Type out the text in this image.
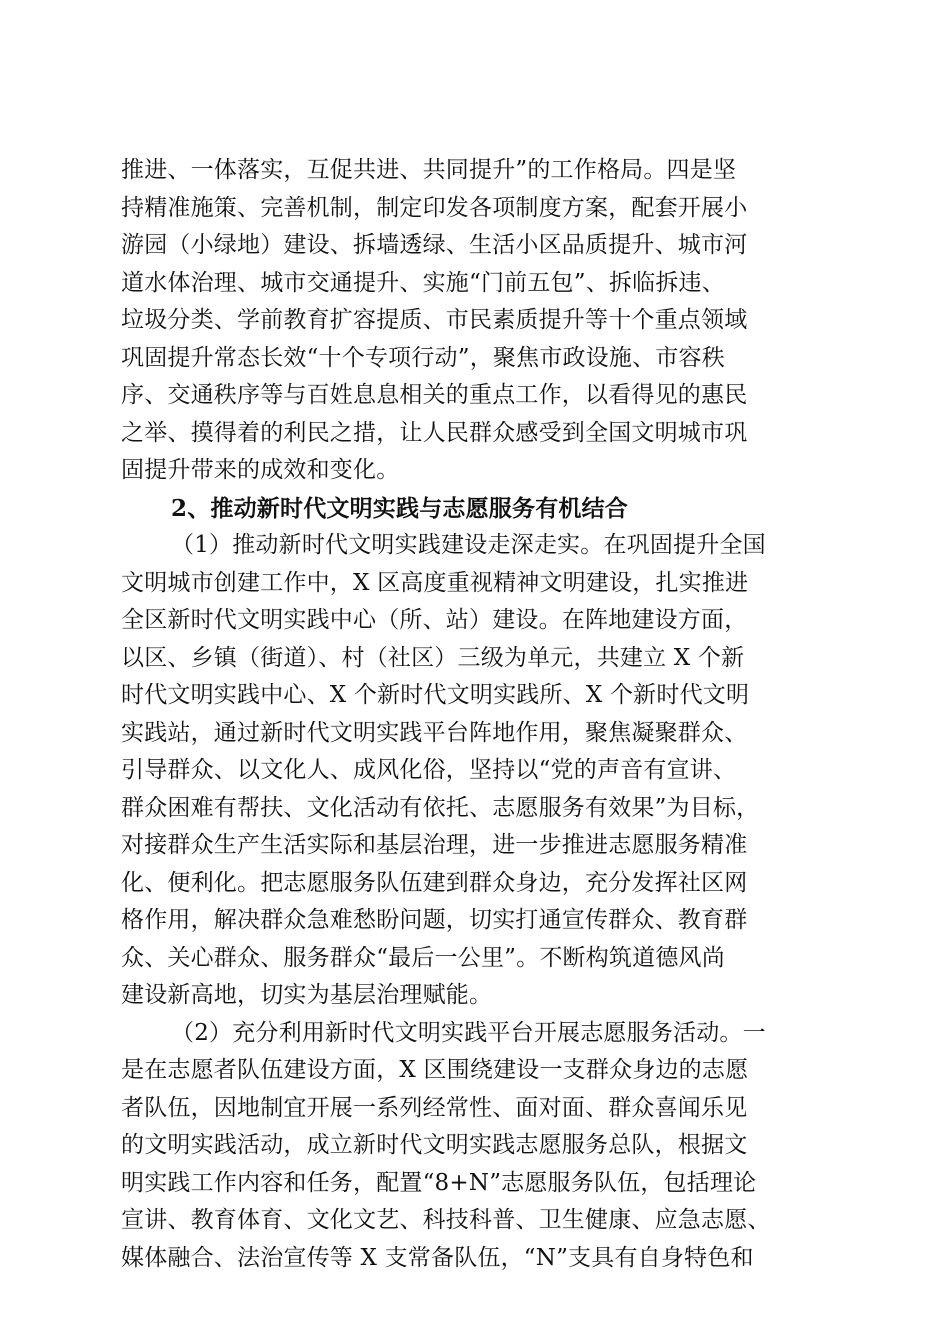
推进、一体落实，互促共进、共同提升”的工作格局。四是坚
持精准施策、完善机制，制定印发各项制度方案，配套开展小
游园（小绿地）建设、拆墙透绿、生活小区品质提升、城市河
道水体治理、城市交通提升、实施“门前五包”、拆临拆违、
垃圾分类、学前教育扩容提质、市民素质提升等十个重点领域
巩固提升常态长效“十个专项行动”，聚焦市政设施、市容秩
序、交通秩序等与百姓息息相关的重点工作，以看得见的惠民
之举、摸得着的利民之措，让人民群众感受到全国文明城市巩
固提升带来的成效和变化。
2、推动新时代文明实践与志愿服务有机结合
（1）推动新时代文明实践建设走深走实。在巩固提升全国
文明城市创建工作中，X 区高度重视精神文明建设，扎实推进
全区新时代文明实践中心（所、站）建设。在阵地建设方面，
以区、乡镇（街道）、村（社区）三级为单元，共建立 X 个新
时代文明实践中心、X 个新时代文明实践所、X 个新时代文明
实践站，通过新时代文明实践平台阵地作用，聚焦凝聚群众、
引导群众、以文化人、成风化俗，坚持以“党的声音有宣讲、
群众困难有帮扶、文化活动有依托、志愿服务有效果”为目标，
对接群众生产生活实际和基层治理，进一步推进志愿服务精准
化、便利化。把志愿服务队伍建到群众身边，充分发挥社区网
格作用，解决群众急难愁盼问题，切实打通宣传群众、教育群
众、关心群众、服务群众“最后一公里”。不断构筑道德风尚
建设新高地，切实为基层治理赋能。
（2）充分利用新时代文明实践平台开展志愿服务活动。一
是在志愿者队伍建设方面，X 区围绕建设一支群众身边的志愿
者队伍，因地制宜开展一系列经常性、面对面、群众喜闻乐见
的文明实践活动，成立新时代文明实践志愿服务总队，根据文
明实践工作内容和任务，配置“8+N”志愿服务队伍，包括理论
宣讲、教育体育、文化文艺、科技科普、卫生健康、应急志愿、
媒体融合、法治宣传等 X 支常备队伍，“N”支具有自身特色和
